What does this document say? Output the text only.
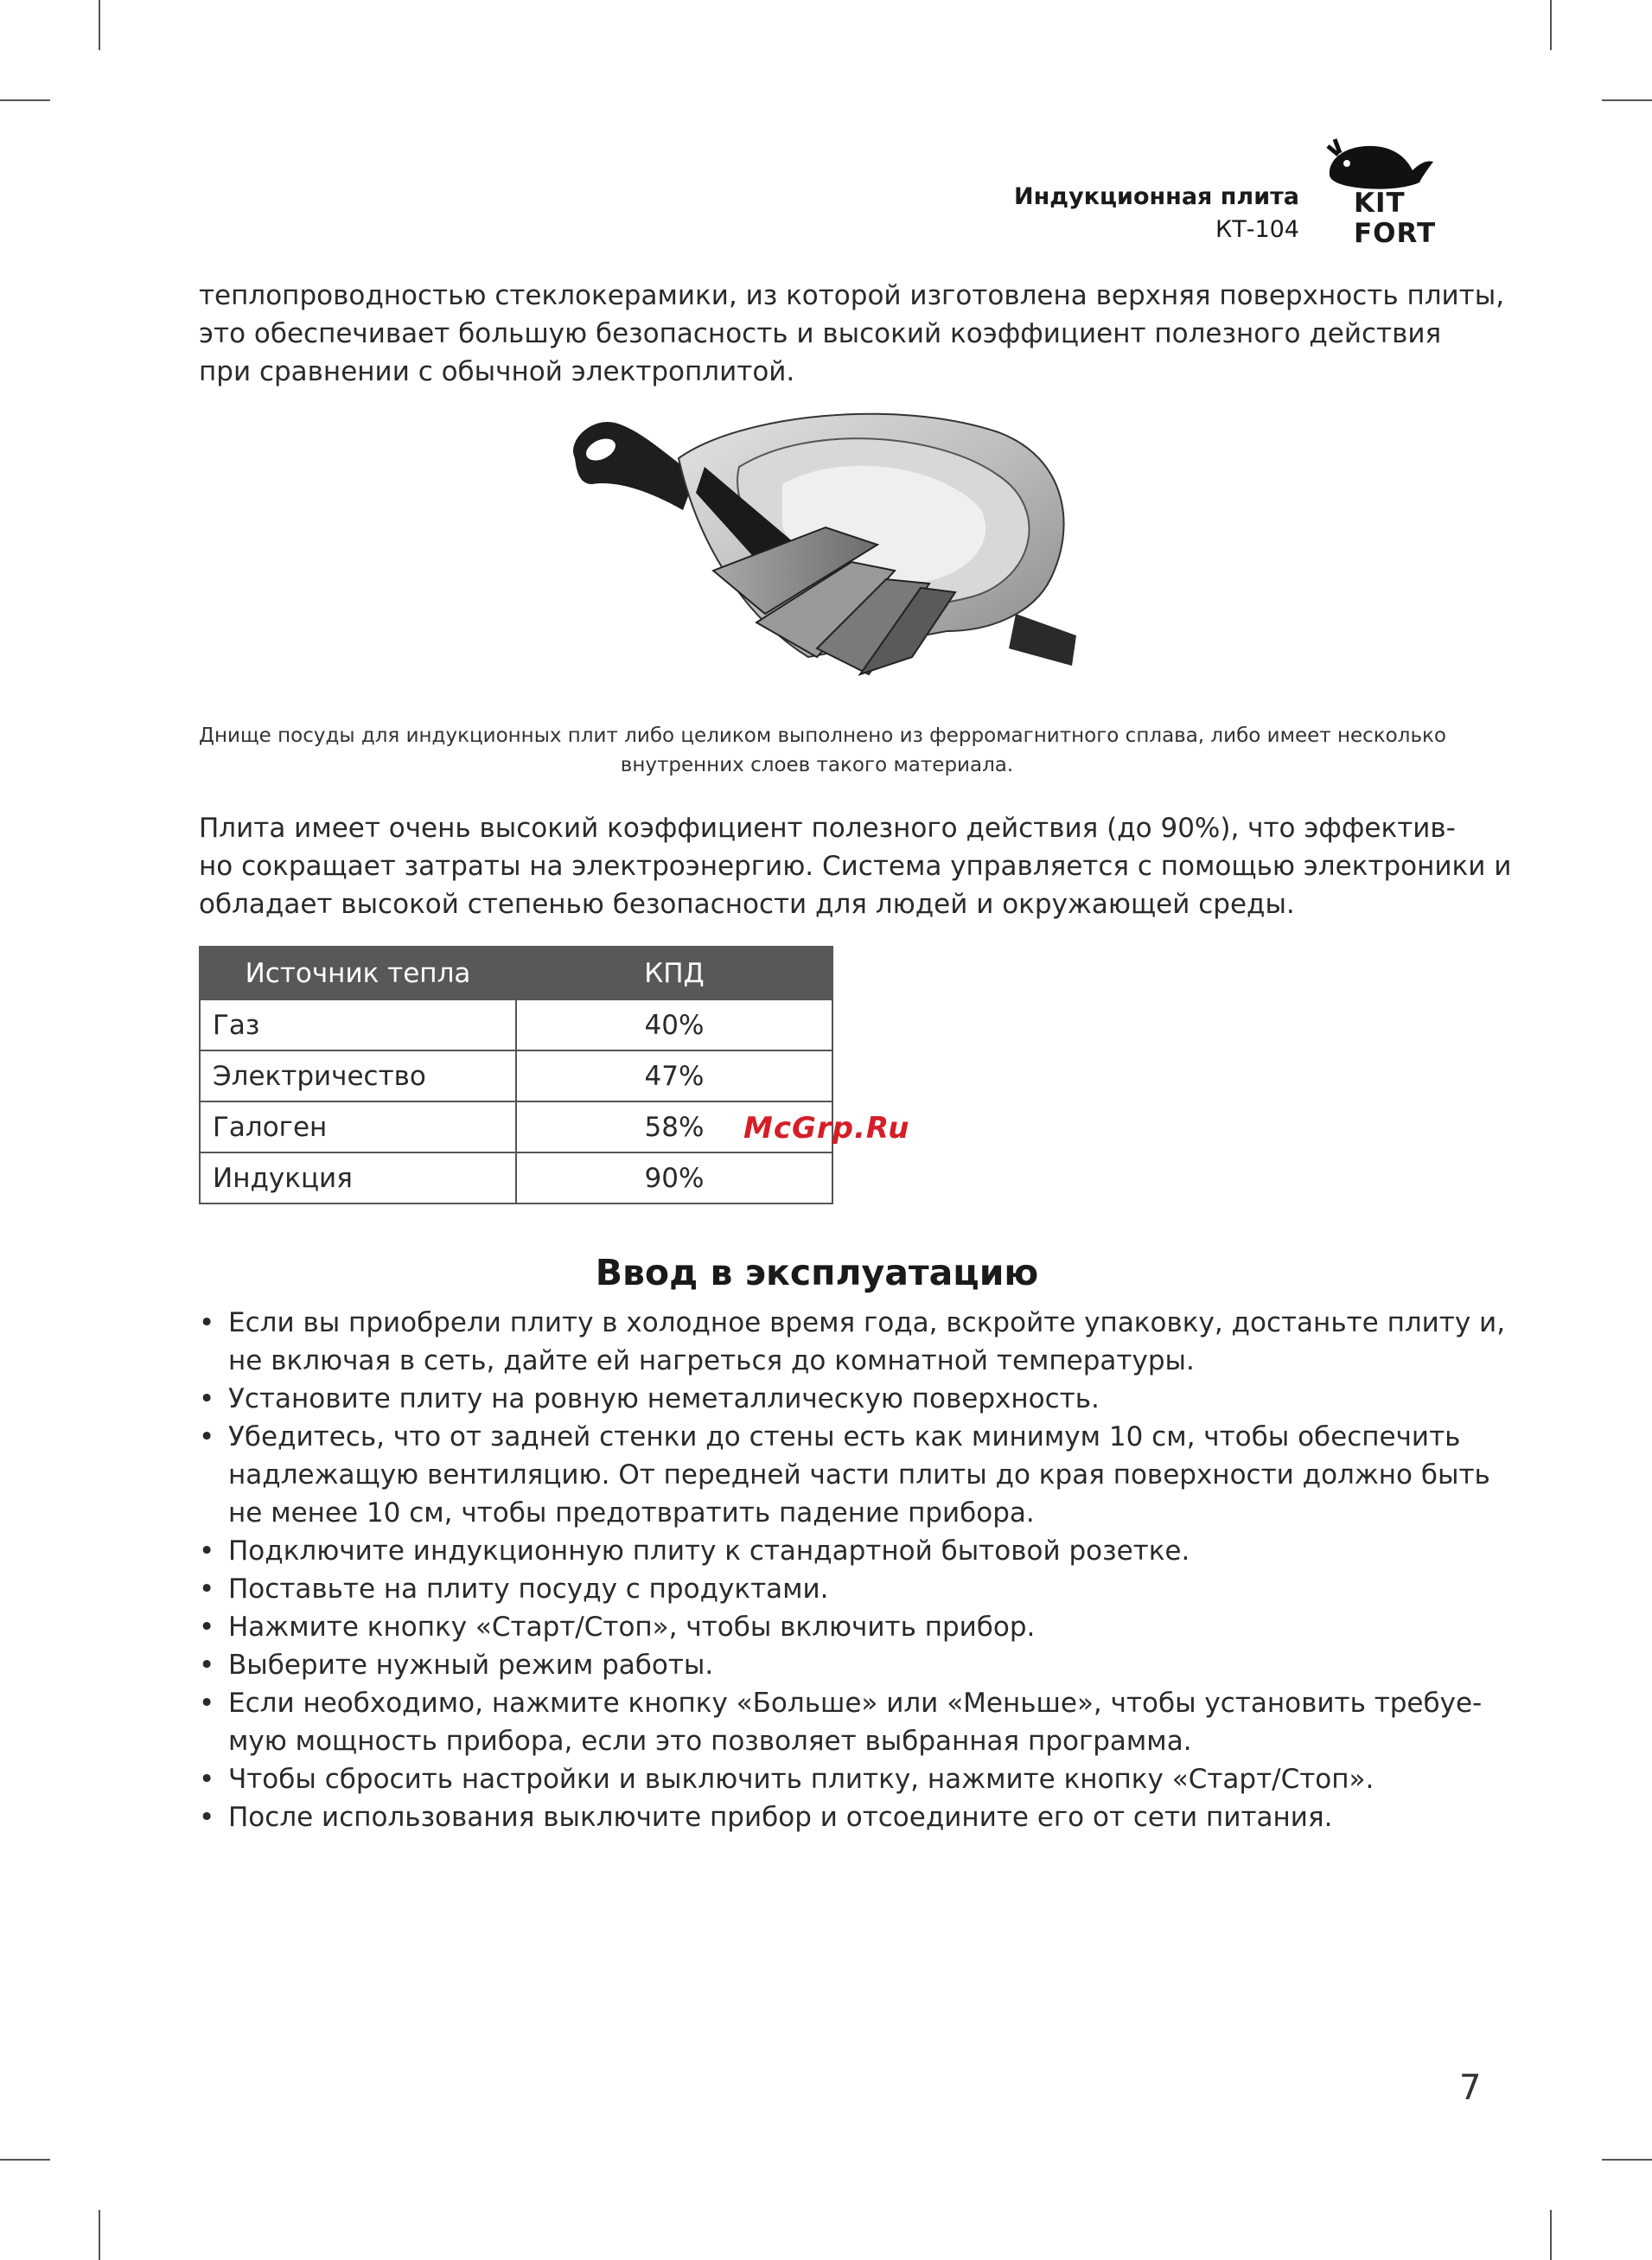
Индукционная плита
КТ-104
KIT
FORT

теплопроводностью стеклокерамики, из которой изготовлена верхняя поверхность плиты,
это обеспечивает большую безопасность и высокий коэффициент полезного действия
при сравнении с обычной электроплитой.

Днище посуды для индукционных плит либо целиком выполнено из ферромагнитного сплава, либо имеет несколько
внутренних слоев такого материала.

Плита имеет очень высокий коэффициент полезного действия (до 90%), что эффектив-
но сокращает затраты на электроэнергию. Система управляется с помощью электроники и
обладает высокой степенью безопасности для людей и окружающей среды.

Источник тепла	КПД
Газ	40%
Электричество	47%
Галоген	58%
Индукция	90%
McGrp.Ru
Ввод в эксплуатацию
• Если вы приобрели плиту в холодное время года, вскройте упаковку, достаньте плиту и,
не включая в сеть, дайте ей нагреться до комнатной температуры.
• Установите плиту на ровную неметаллическую поверхность.
• Убедитесь, что от задней стенки до стены есть как минимум 10 см, чтобы обеспечить
надлежащую вентиляцию. От передней части плиты до края поверхности должно быть
не менее 10 см, чтобы предотвратить падение прибора.
• Подключите индукционную плиту к стандартной бытовой розетке.
• Поставьте на плиту посуду с продуктами.
• Нажмите кнопку «Старт/Стоп», чтобы включить прибор.
• Выберите нужный режим работы.
• Если необходимо, нажмите кнопку «Больше» или «Меньше», чтобы установить требуе-
мую мощность прибора, если это позволяет выбранная программа.
• Чтобы сбросить настройки и выключить плитку, нажмите кнопку «Старт/Стоп».
• После использования выключите прибор и отсоедините его от сети питания.
7
